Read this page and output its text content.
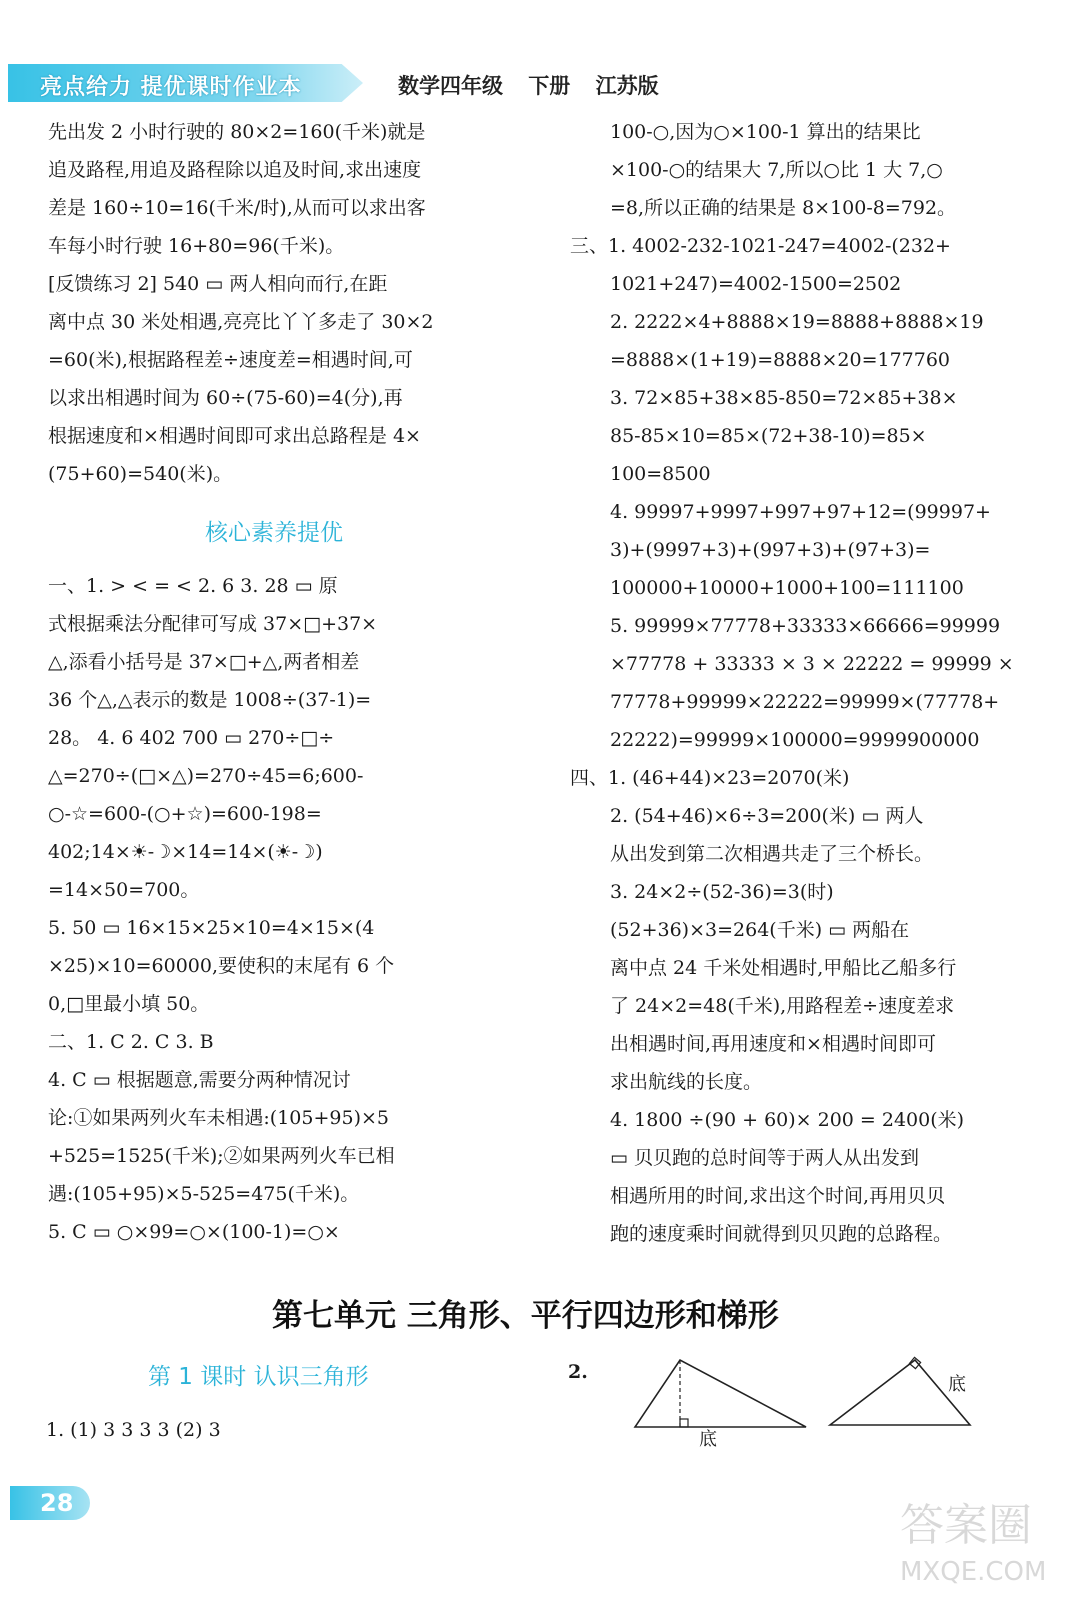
亮点给力 提优课时作业本	数学四年级 下册 江苏版
先出发 2 小时行驶的 80×2=160(千米)就是
追及路程,用追及路程除以追及时间,求出速度
差是 160÷10=16(千米/时),从而可以求出客
车每小时行驶 16+80=96(千米)。
[反馈练习 2] 540 ▭ 两人相向而行,在距
离中点 30 米处相遇,亮亮比丫丫多走了 30×2
=60(米),根据路程差÷速度差=相遇时间,可
以求出相遇时间为 60÷(75-60)=4(分),再
根据速度和×相遇时间即可求出总路程是 4×
(75+60)=540(米)。
核心素养提优
一、1. > < = < 2. 6 3. 28 ▭ 原
式根据乘法分配律可写成 37×□+37×
△,添看小括号是 37×□+△,两者相差
36 个△,△表示的数是 1008÷(37-1)=
28。 4. 6 402 700 ▭ 270÷□÷
△=270÷(□×△)=270÷45=6;600-
○-☆=600-(○+☆)=600-198=
402;14×☀-☽×14=14×(☀-☽)
=14×50=700。
5. 50 ▭ 16×15×25×10=4×15×(4
×25)×10=60000,要使积的末尾有 6 个
0,□里最小填 50。
二、1. C 2. C 3. B
4. C ▭ 根据题意,需要分两种情况讨
论:①如果两列火车未相遇:(105+95)×5
+525=1525(千米);②如果两列火车已相
遇:(105+95)×5-525=475(千米)。
5. C ▭ ○×99=○×(100-1)=○×
100-○,因为○×100-1 算出的结果比
×100-○的结果大 7,所以○比 1 大 7,○
=8,所以正确的结果是 8×100-8=792。
三、1. 4002-232-1021-247=4002-(232+
1021+247)=4002-1500=2502
2. 2222×4+8888×19=8888+8888×19
=8888×(1+19)=8888×20=177760
3. 72×85+38×85-850=72×85+38×
85-85×10=85×(72+38-10)=85×
100=8500
4. 99997+9997+997+97+12=(99997+
3)+(9997+3)+(997+3)+(97+3)=
100000+10000+1000+100=111100
5. 99999×77778+33333×66666=99999
×77778 + 33333 × 3 × 22222 = 99999 ×
77778+99999×22222=99999×(77778+
22222)=99999×100000=9999900000
四、1. (46+44)×23=2070(米)
2. (54+46)×6÷3=200(米) ▭ 两人
从出发到第二次相遇共走了三个桥长。
3. 24×2÷(52-36)=3(时)
(52+36)×3=264(千米) ▭ 两船在
离中点 24 千米处相遇时,甲船比乙船多行
了 24×2=48(千米),用路程差÷速度差求
出相遇时间,再用速度和×相遇时间即可
求出航线的长度。
4. 1800 ÷(90 + 60)× 200 = 2400(米)
▭ 贝贝跑的总时间等于两人从出发到
相遇所用的时间,求出这个时间,再用贝贝
跑的速度乘时间就得到贝贝跑的总路程。
第七单元 三角形、平行四边形和梯形
第 1 课时 认识三角形
1. (1) 3 3 3 3 (2) 3
2.
底
底
28	答案圈
MXQE.COM
